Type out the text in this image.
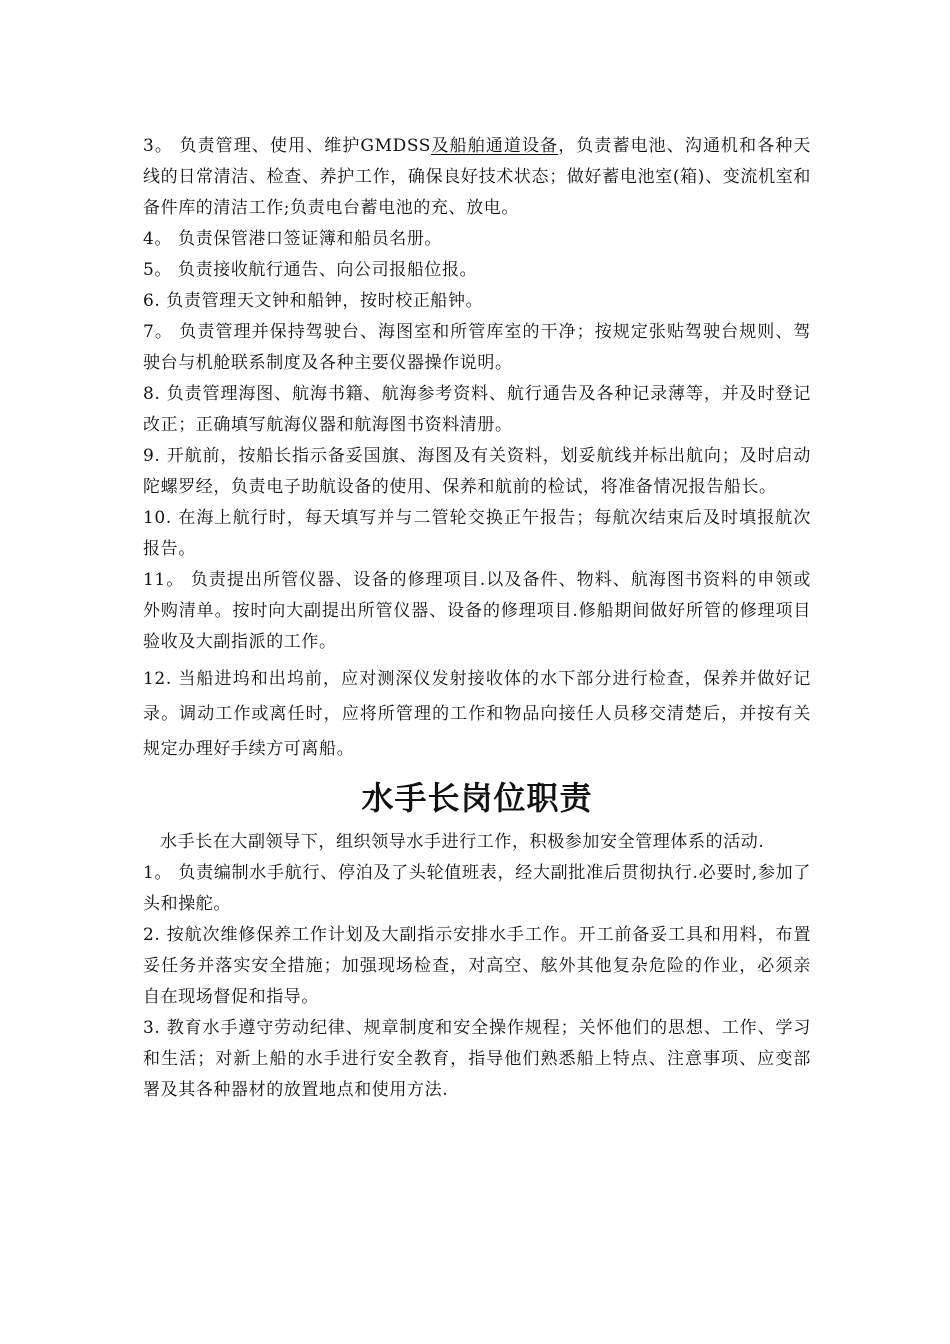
3。 负责管理、使用、维护GMDSS及船舶通道设备，负责蓄电池、沟通机和各种天线的日常清洁、检查、养护工作，确保良好技术状态；做好蓄电池室(箱)、变流机室和备件库的清洁工作;负责电台蓄电池的充、放电。

4。 负责保管港口签证簿和船员名册。

5。 负责接收航行通告、向公司报船位报。

6. 负责管理天文钟和船钟，按时校正船钟。

7。 负责管理并保持驾驶台、海图室和所管库室的干净；按规定张贴驾驶台规则、驾驶台与机舱联系制度及各种主要仪器操作说明。

8. 负责管理海图、航海书籍、航海参考资料、航行通告及各种记录薄等，并及时登记改正；正确填写航海仪器和航海图书资料清册。

9. 开航前，按船长指示备妥国旗、海图及有关资料，划妥航线并标出航向；及时启动陀螺罗经，负责电子助航设备的使用、保养和航前的检试，将准备情况报告船长。

10. 在海上航行时，每天填写并与二管轮交换正午报告；每航次结束后及时填报航次报告。

11。 负责提出所管仪器、设备的修理项目.以及备件、物料、航海图书资料的申领或外购清单。按时向大副提出所管仪器、设备的修理项目.修船期间做好所管的修理项目验收及大副指派的工作。

12. 当船进坞和出坞前，应对测深仪发射接收体的水下部分进行检查，保养并做好记录。调动工作或离任时，应将所管理的工作和物品向接任人员移交清楚后，并按有关规定办理好手续方可离船。

水手长岗位职责

水手长在大副领导下，组织领导水手进行工作，积极参加安全管理体系的活动.

1。 负责编制水手航行、停泊及了头轮值班表，经大副批准后贯彻执行.必要时,参加了头和操舵。

2. 按航次维修保养工作计划及大副指示安排水手工作。开工前备妥工具和用料，布置妥任务并落实安全措施；加强现场检查，对高空、舷外其他复杂危险的作业，必须亲自在现场督促和指导。

3. 教育水手遵守劳动纪律、规章制度和安全操作规程；关怀他们的思想、工作、学习和生活；对新上船的水手进行安全教育，指导他们熟悉船上特点、注意事项、应变部署及其各种器材的放置地点和使用方法.
